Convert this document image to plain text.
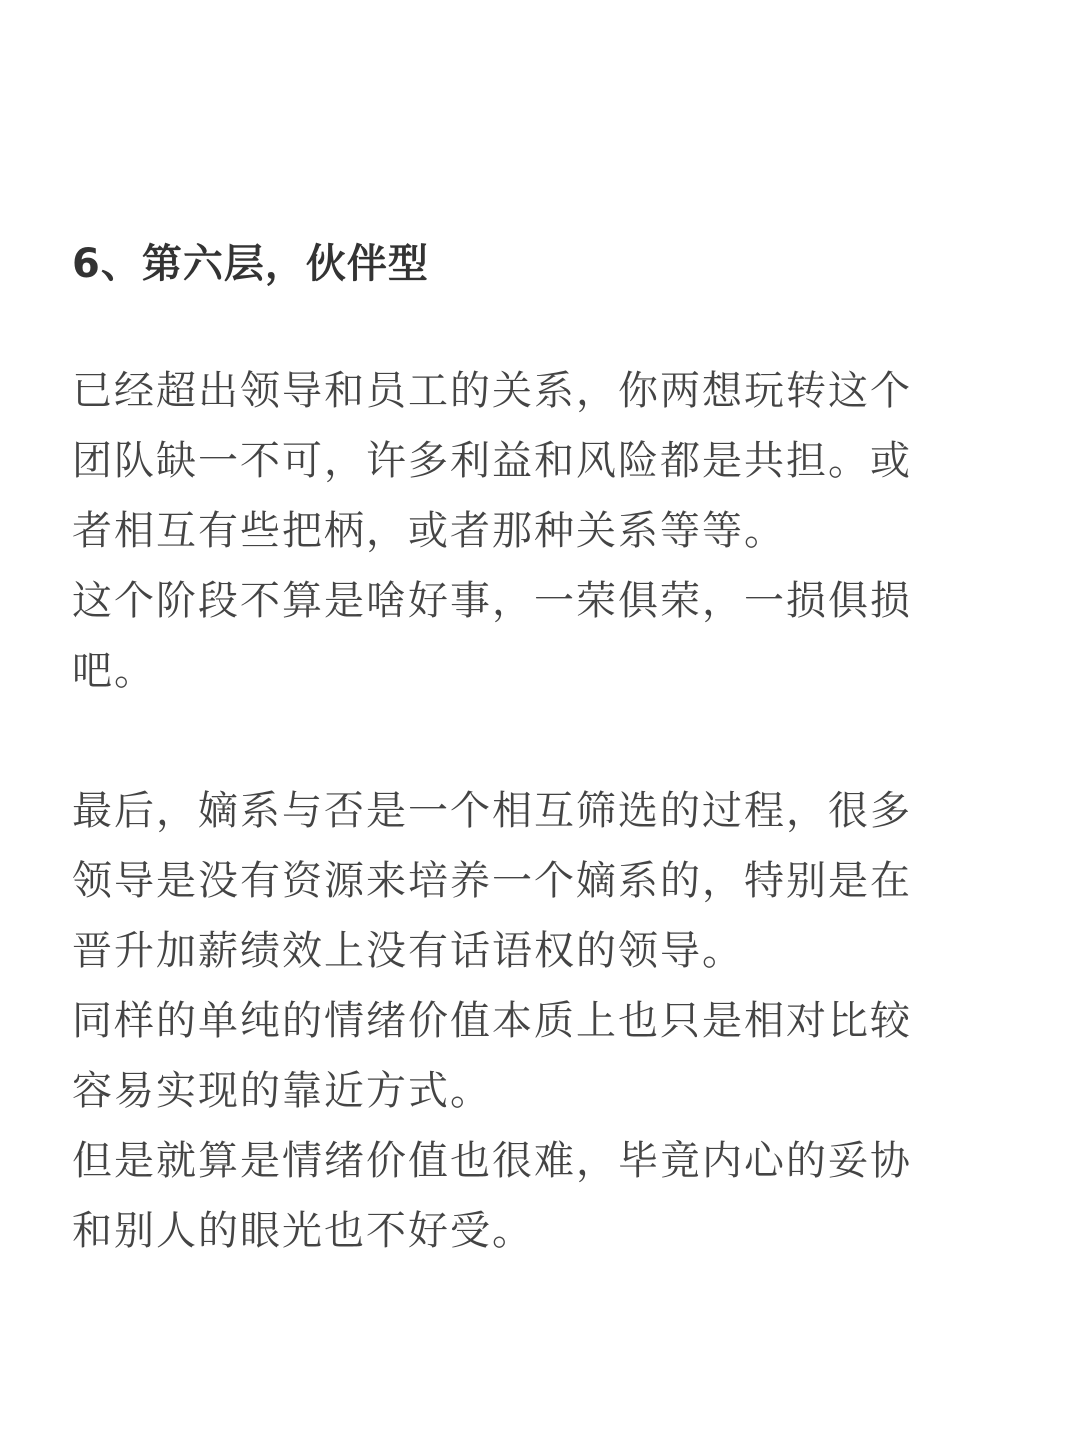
6、第六层，伙伴型
已经超出领导和员工的关系，你两想玩转这个
团队缺一不可，许多利益和风险都是共担。或
者相互有些把柄，或者那种关系等等。
这个阶段不算是啥好事，一荣俱荣，一损俱损
吧。
最后，嫡系与否是一个相互筛选的过程，很多
领导是没有资源来培养一个嫡系的，特别是在
晋升加薪绩效上没有话语权的领导。
同样的单纯的情绪价值本质上也只是相对比较
容易实现的靠近方式。
但是就算是情绪价值也很难，毕竟内心的妥协
和别人的眼光也不好受。
